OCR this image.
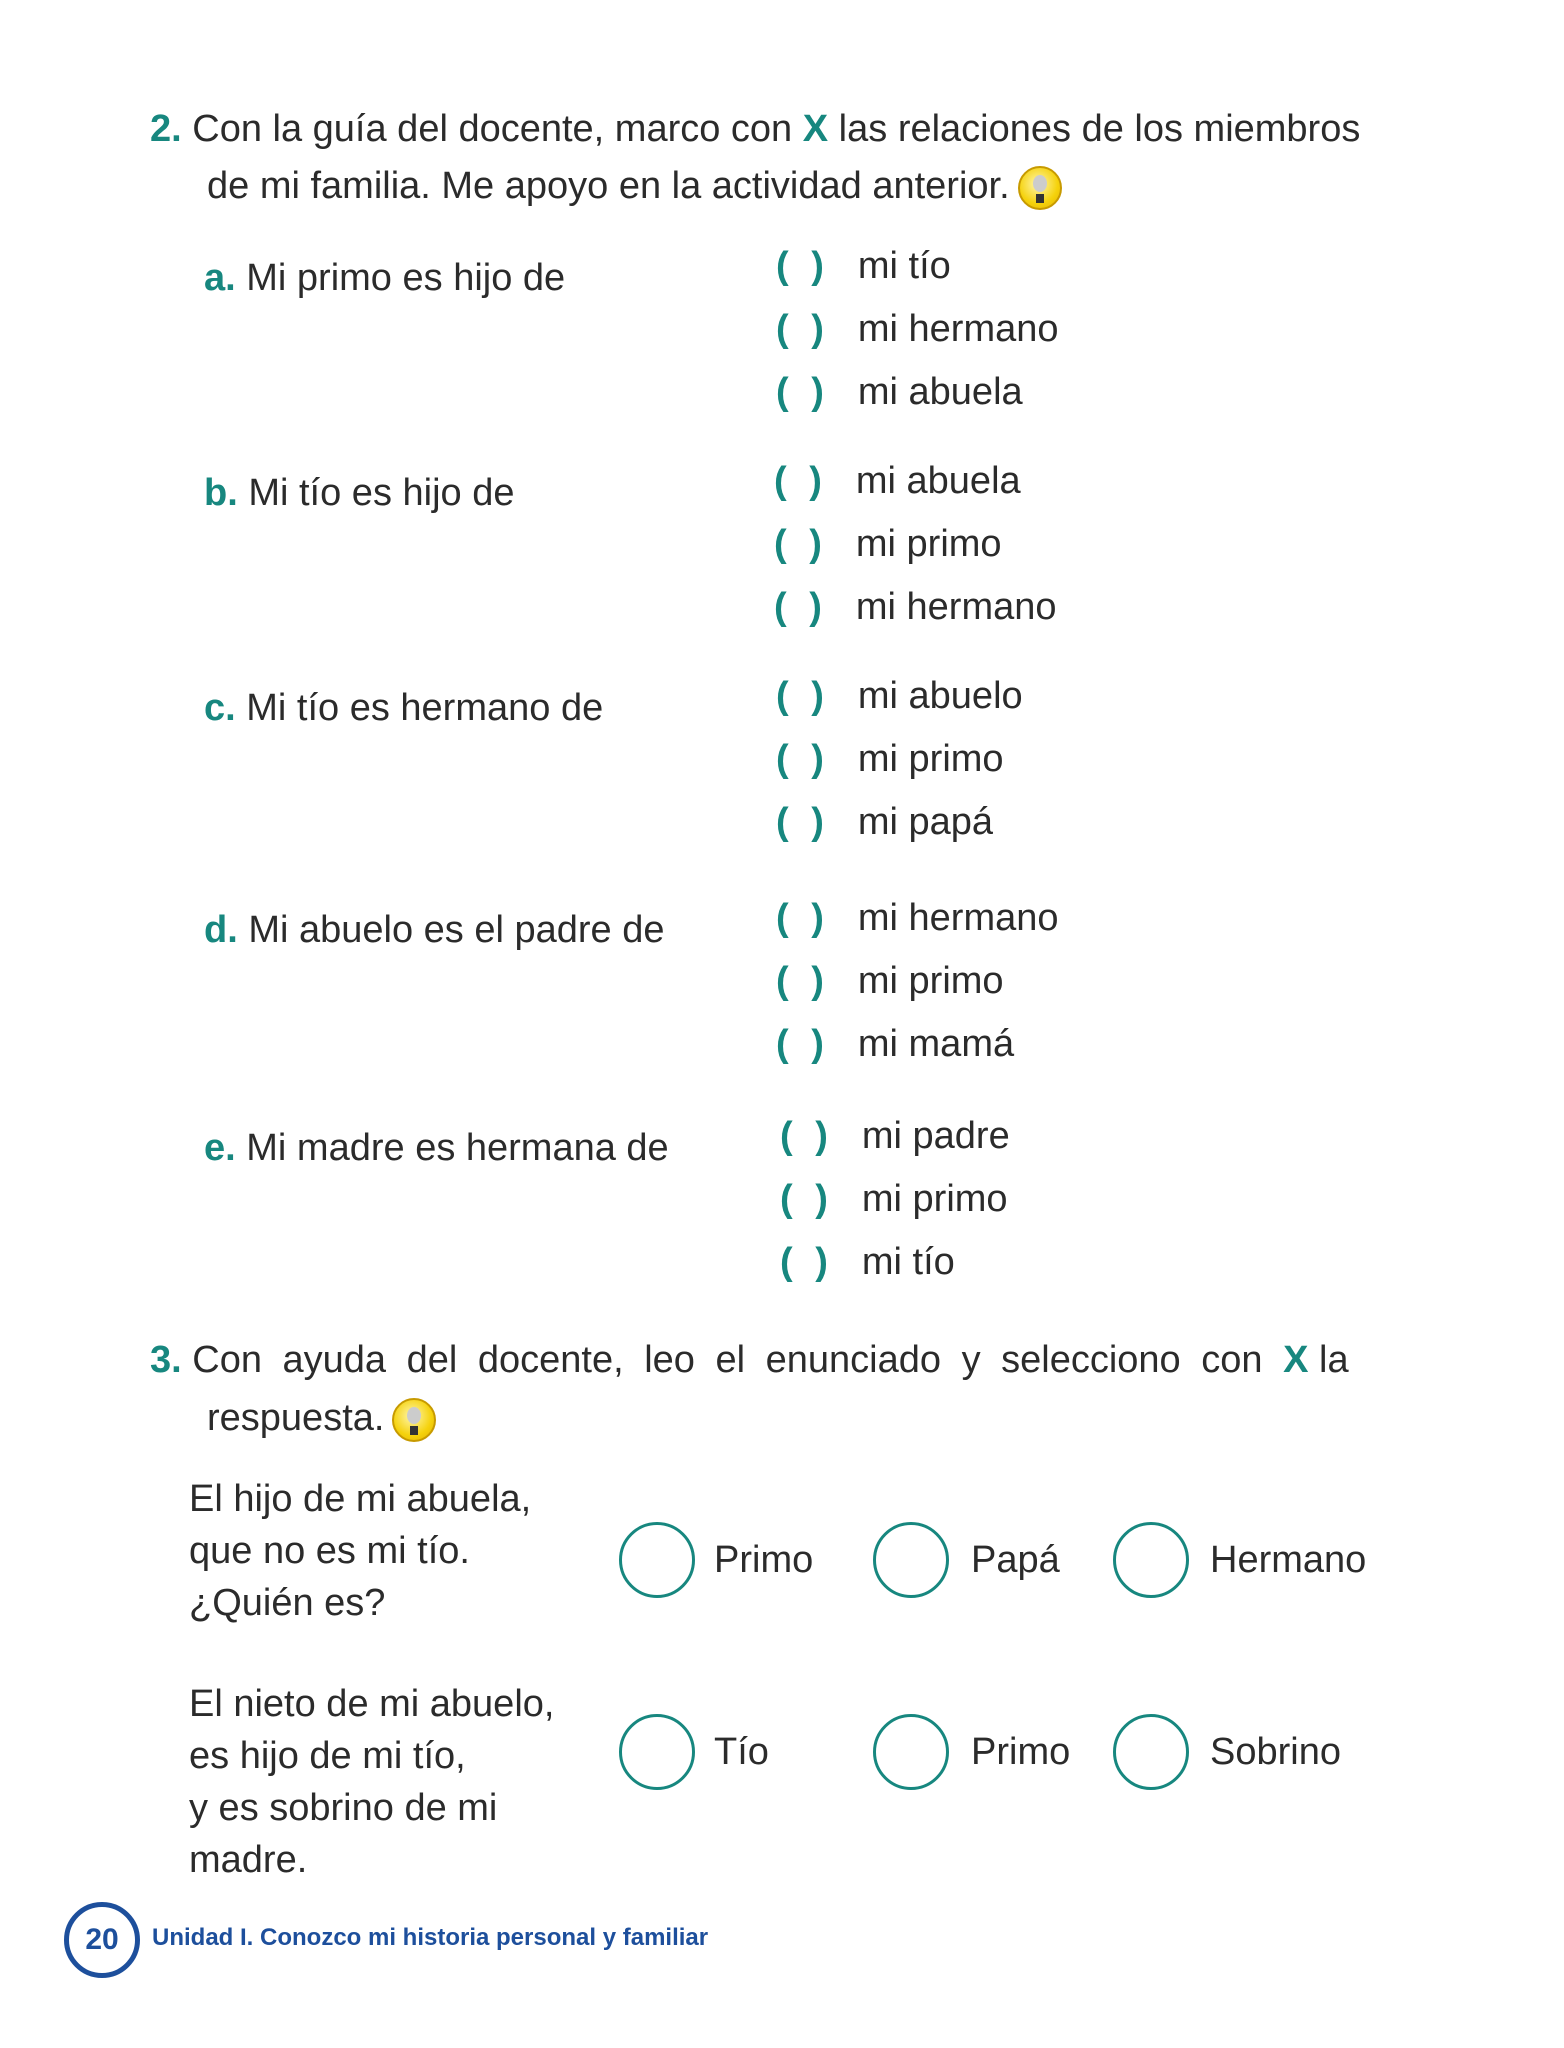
2. Con la guía del docente, marco con X las relaciones de los miembros
de mi familia. Me apoyo en la actividad anterior.
a. Mi primo es hijo de	( ) mi tío
( ) mi hermano
( ) mi abuela
b. Mi tío es hijo de	( ) mi abuela
( ) mi primo
( ) mi hermano
c. Mi tío es hermano de	( ) mi abuelo
( ) mi primo
( ) mi papá
d. Mi abuelo es el padre de	( ) mi hermano
( ) mi primo
( ) mi mamá
e. Mi madre es hermana de	( ) mi padre
( ) mi primo
( ) mi tío
3. Con ayuda del docente, leo el enunciado y selecciono con X la
respuesta.
El hijo de mi abuela,
que no es mi tío.
¿Quién es?
Primo	Papá	Hermano
El nieto de mi abuelo,
es hijo de mi tío,
y es sobrino de mi
madre.
Tío	Primo	Sobrino
20	Unidad I. Conozco mi historia personal y familiar
